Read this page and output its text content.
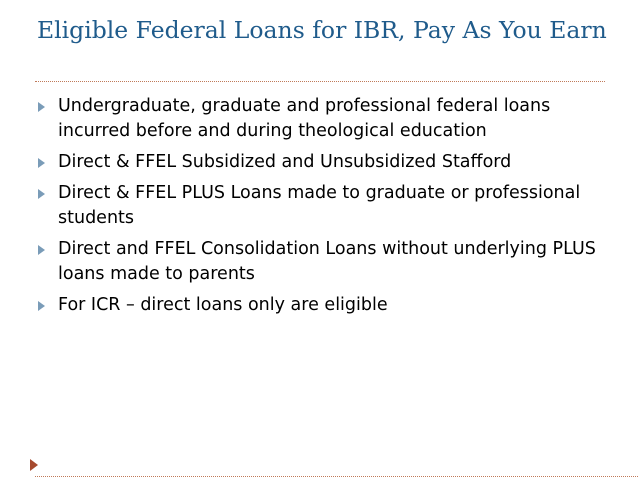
Eligible Federal Loans for IBR, Pay As You Earn
Undergraduate, graduate and professional federal loans incurred before and during theological education
Direct & FFEL Subsidized and Unsubsidized Stafford
Direct & FFEL PLUS Loans made to graduate or professional students
Direct and FFEL Consolidation Loans without underlying PLUS loans made to parents
For ICR – direct loans only are eligible
